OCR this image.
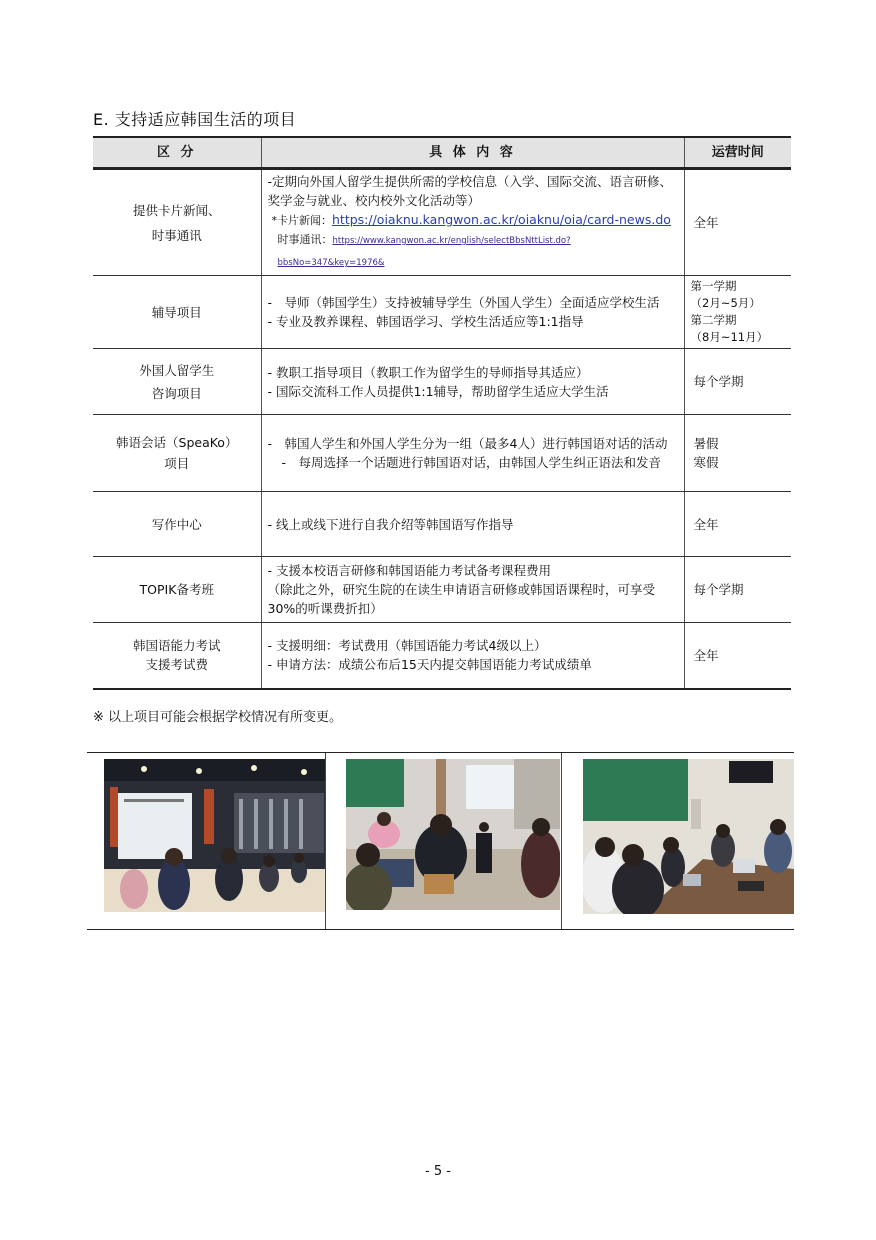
E. 支持适应韩国生活的项目
区 分	具 体 内 容	运营时间

提供卡片新闻、
时事通讯	-定期向外国人留学生提供所需的学校信息（入学、国际交流、语言研修、奖学金与就业、校内校外文化活动等）
*卡片新闻：https://oiaknu.kangwon.ac.kr/oiaknu/oia/card-news.do
时事通讯：https://www.kangwon.ac.kr/english/selectBbsNttList.do?bbsNo=347&key=1976&	全年

辅导项目	-　导师（韩国学生）支持被辅导学生（外国人学生）全面适应学校生活
- 专业及教养课程、韩国语学习、学校生活适应等1:1指导	第一学期
（2月~5月）
第二学期
（8月~11月）

外国人留学生
咨询项目	- 教职工指导项目（教职工作为留学生的导师指导其适应）
- 国际交流科工作人员提供1:1辅导，帮助留学生适应大学生活	每个学期

韩语会话（SpeaKo）
项目	-　韩国人学生和外国人学生分为一组（最多4人）进行韩国语对话的活动
-　每周选择一个话题进行韩国语对话，由韩国人学生纠正语法和发音	暑假
寒假

写作中心	- 线上或线下进行自我介绍等韩国语写作指导	全年

TOPIK备考班	- 支援本校语言研修和韩国语能力考试备考课程费用
（除此之外，研究生院的在读生申请语言研修或韩国语课程时，可享受30%的听课费折扣）	每个学期

韩国语能力考试
支援考试费	- 支援明细：考试费用（韩国语能力考试4级以上）
- 申请方法：成绩公布后15天内提交韩国语能力考试成绩单	全年
※ 以上项目可能会根据学校情况有所变更。
- 5 -
